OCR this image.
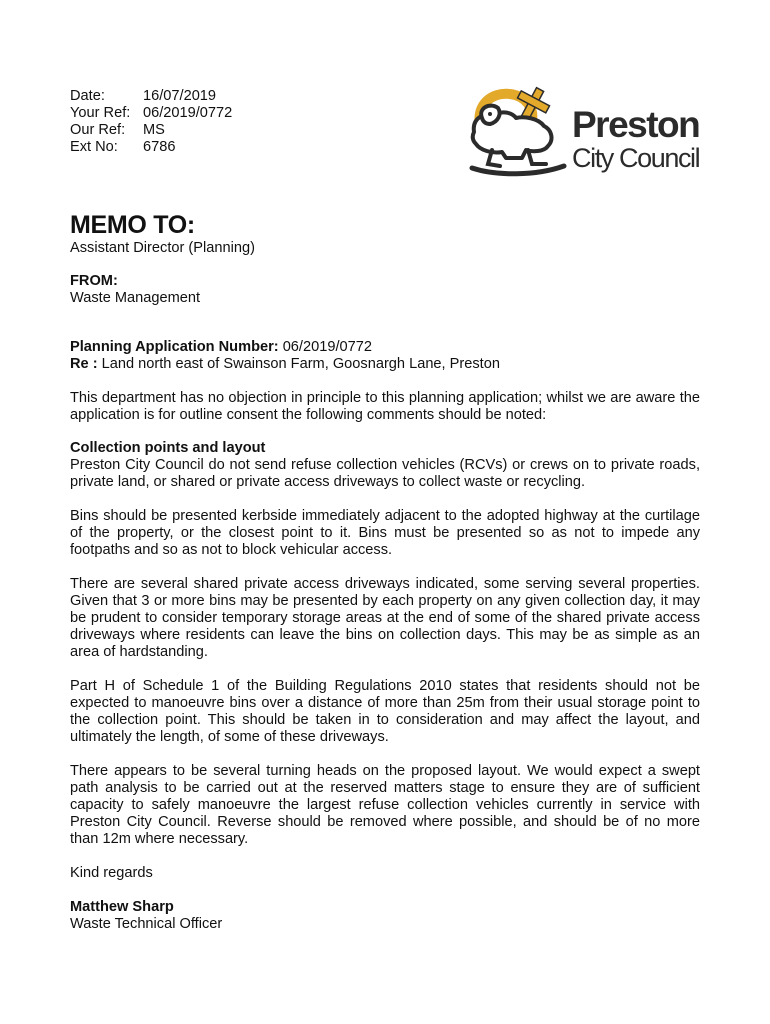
Date:	16/07/2019
Your Ref: 06/2019/0772
Our Ref:	MS
Ext No:	6786
Preston
City Council
MEMO TO:

Assistant Director (Planning)

FROM:

Waste Management

Planning Application Number: 06/2019/0772

Re : Land north east of Swainson Farm, Goosnargh Lane, Preston

This department has no objection in principle to this planning application; whilst we are aware the application is for outline consent the following comments should be noted:

Collection points and layout

Preston City Council do not send refuse collection vehicles (RCVs) or crews on to private roads, private land, or shared or private access driveways to collect waste or recycling.

Bins should be presented kerbside immediately adjacent to the adopted highway at the curtilage of the property, or the closest point to it. Bins must be presented so as not to impede any footpaths and so as not to block vehicular access.

There are several shared private access driveways indicated, some serving several properties. Given that 3 or more bins may be presented by each property on any given collection day, it may be prudent to consider temporary storage areas at the end of some of the shared private access driveways where residents can leave the bins on collection days. This may be as simple as an area of hardstanding.

Part H of Schedule 1 of the Building Regulations 2010 states that residents should not be expected to manoeuvre bins over a distance of more than 25m from their usual storage point to the collection point. This should be taken in to consideration and may affect the layout, and ultimately the length, of some of these driveways.

There appears to be several turning heads on the proposed layout. We would expect a swept path analysis to be carried out at the reserved matters stage to ensure they are of sufficient capacity to safely manoeuvre the largest refuse collection vehicles currently in service with Preston City Council. Reverse should be removed where possible, and should be of no more than 12m where necessary.

Kind regards

Matthew Sharp

Waste Technical Officer
